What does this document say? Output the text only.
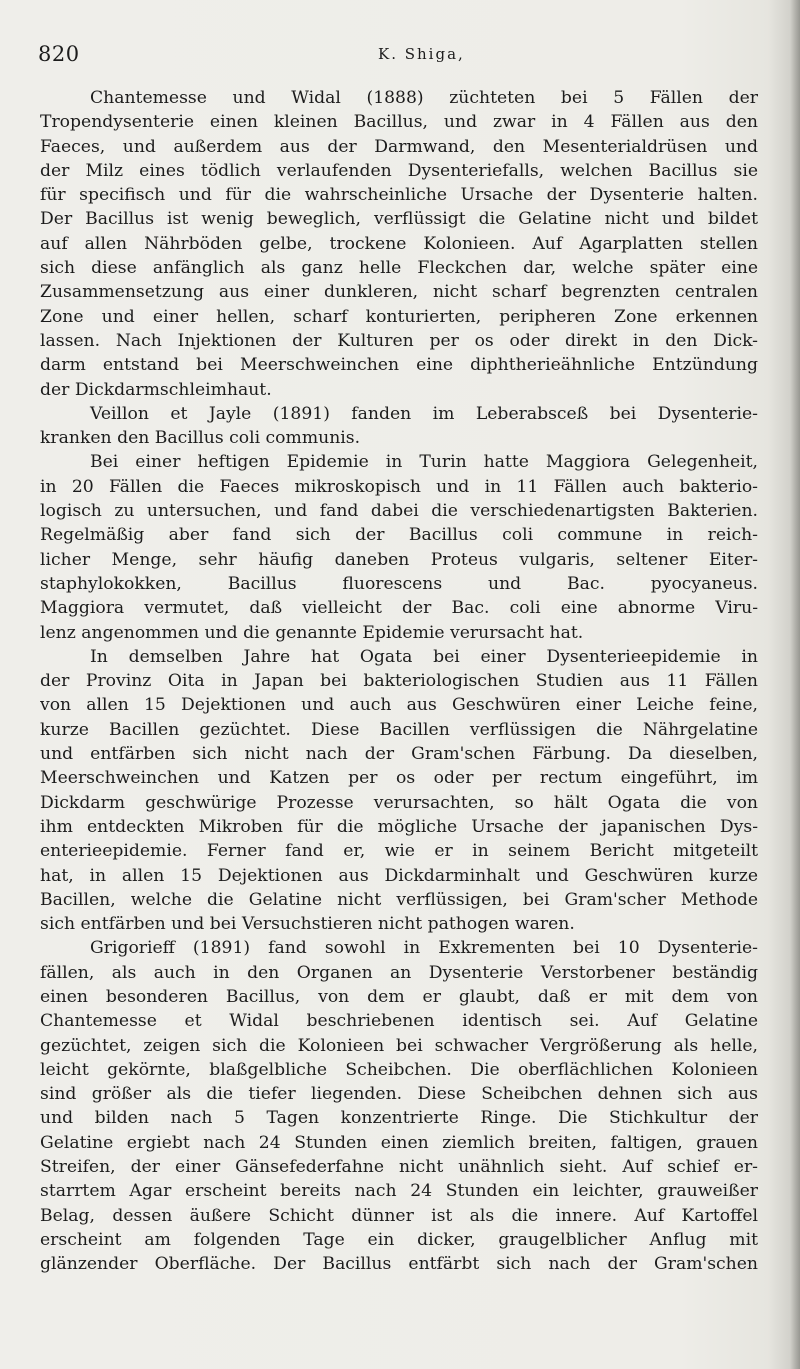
820	K. Shiga,
Chantemesse und Widal (1888) züchteten bei 5 Fällen der
Tropendysenterie einen kleinen Bacillus, und zwar in 4 Fällen aus den
Faeces, und außerdem aus der Darmwand, den Mesenterialdrüsen und
der Milz eines tödlich verlaufenden Dysenteriefalls, welchen Bacillus sie
für specifisch und für die wahrscheinliche Ursache der Dysenterie halten.
Der Bacillus ist wenig beweglich, verflüssigt die Gelatine nicht und bildet
auf allen Nährböden gelbe, trockene Kolonieen. Auf Agarplatten stellen
sich diese anfänglich als ganz helle Fleckchen dar, welche später eine
Zusammensetzung aus einer dunkleren, nicht scharf begrenzten centralen
Zone und einer hellen, scharf konturierten, peripheren Zone erkennen
lassen. Nach Injektionen der Kulturen per os oder direkt in den Dick-
darm entstand bei Meerschweinchen eine diphtherieähnliche Entzündung
der Dickdarmschleimhaut.
Veillon et Jayle (1891) fanden im Leberabsceß bei Dysenterie-
kranken den Bacillus coli communis.
Bei einer heftigen Epidemie in Turin hatte Maggiora Gelegenheit,
in 20 Fällen die Faeces mikroskopisch und in 11 Fällen auch bakterio-
logisch zu untersuchen, und fand dabei die verschiedenartigsten Bakterien.
Regelmäßig aber fand sich der Bacillus coli commune in reich-
licher Menge, sehr häufig daneben Proteus vulgaris, seltener Eiter-
staphylokokken, Bacillus fluorescens und Bac. pyocyaneus.
Maggiora vermutet, daß vielleicht der Bac. coli eine abnorme Viru-
lenz angenommen und die genannte Epidemie verursacht hat.
In demselben Jahre hat Ogata bei einer Dysenterieepidemie in
der Provinz Oita in Japan bei bakteriologischen Studien aus 11 Fällen
von allen 15 Dejektionen und auch aus Geschwüren einer Leiche feine,
kurze Bacillen gezüchtet. Diese Bacillen verflüssigen die Nährgelatine
und entfärben sich nicht nach der Gram'schen Färbung. Da dieselben,
Meerschweinchen und Katzen per os oder per rectum eingeführt, im
Dickdarm geschwürige Prozesse verursachten, so hält Ogata die von
ihm entdeckten Mikroben für die mögliche Ursache der japanischen Dys-
enterieepidemie. Ferner fand er, wie er in seinem Bericht mitgeteilt
hat, in allen 15 Dejektionen aus Dickdarminhalt und Geschwüren kurze
Bacillen, welche die Gelatine nicht verflüssigen, bei Gram'scher Methode
sich entfärben und bei Versuchstieren nicht pathogen waren.
Grigorieff (1891) fand sowohl in Exkrementen bei 10 Dysenterie-
fällen, als auch in den Organen an Dysenterie Verstorbener beständig
einen besonderen Bacillus, von dem er glaubt, daß er mit dem von
Chantemesse et Widal beschriebenen identisch sei. Auf Gelatine
gezüchtet, zeigen sich die Kolonieen bei schwacher Vergrößerung als helle,
leicht gekörnte, blaßgelbliche Scheibchen. Die oberflächlichen Kolonieen
sind größer als die tiefer liegenden. Diese Scheibchen dehnen sich aus
und bilden nach 5 Tagen konzentrierte Ringe. Die Stichkultur der
Gelatine ergiebt nach 24 Stunden einen ziemlich breiten, faltigen, grauen
Streifen, der einer Gänsefederfahne nicht unähnlich sieht. Auf schief er-
starrtem Agar erscheint bereits nach 24 Stunden ein leichter, grauweißer
Belag, dessen äußere Schicht dünner ist als die innere. Auf Kartoffel
erscheint am folgenden Tage ein dicker, graugelblicher Anflug mit
glänzender Oberfläche. Der Bacillus entfärbt sich nach der Gram'schen
